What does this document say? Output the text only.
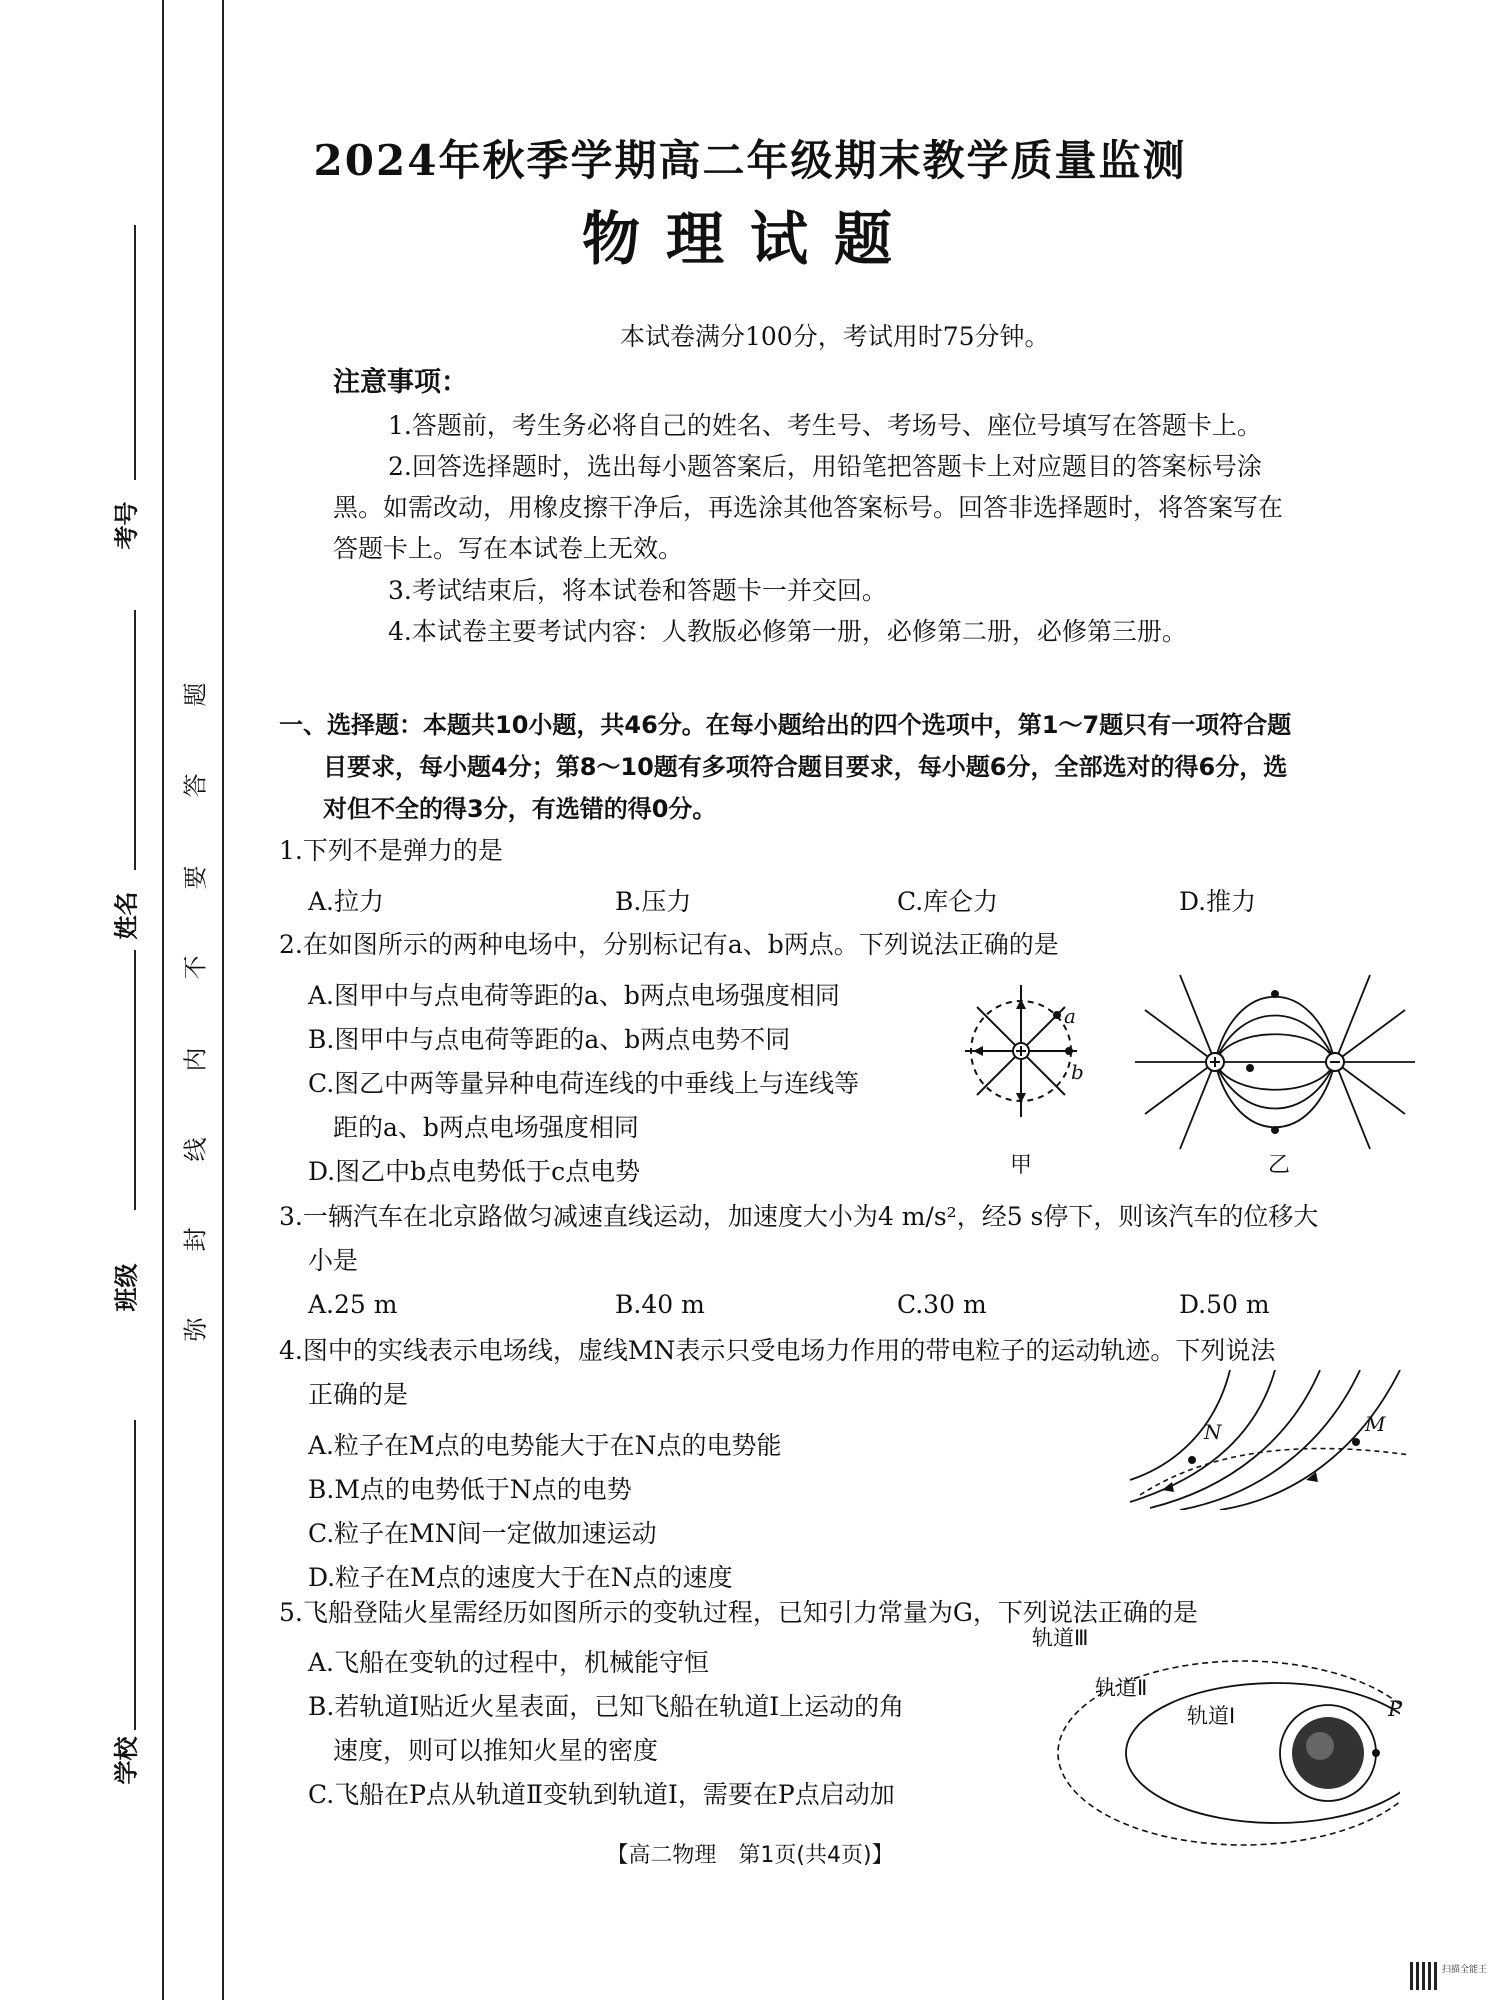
考号
姓名
班级
学校
题
答
要
不
内
线
封
弥
2024年秋季学期高二年级期末教学质量监测
物理试题
本试卷满分100分，考试用时75分钟。
注意事项：
1.答题前，考生务必将自己的姓名、考生号、考场号、座位号填写在答题卡上。
2.回答选择题时，选出每小题答案后，用铅笔把答题卡上对应题目的答案标号涂
黑。如需改动，用橡皮擦干净后，再选涂其他答案标号。回答非选择题时，将答案写在
答题卡上。写在本试卷上无效。
3.考试结束后，将本试卷和答题卡一并交回。
4.本试卷主要考试内容：人教版必修第一册，必修第二册，必修第三册。
一、选择题：本题共10小题，共46分。在每小题给出的四个选项中，第1～7题只有一项符合题
目要求，每小题4分；第8～10题有多项符合题目要求，每小题6分，全部选对的得6分，选
对但不全的得3分，有选错的得0分。
1.下列不是弹力的是
A.拉力	B.压力	C.库仑力	D.推力
2.在如图所示的两种电场中，分别标记有a、b两点。下列说法正确的是
A.图甲中与点电荷等距的a、b两点电场强度相同
B.图甲中与点电荷等距的a、b两点电势不同
C.图乙中两等量异种电荷连线的中垂线上与连线等
距的a、b两点电场强度相同
D.图乙中b点电势低于c点电势
a
b
甲	乙
3.一辆汽车在北京路做匀减速直线运动，加速度大小为4 m/s²，经5 s停下，则该汽车的位移大
小是
A.25 m	B.40 m	C.30 m	D.50 m
4.图中的实线表示电场线，虚线MN表示只受电场力作用的带电粒子的运动轨迹。下列说法
正确的是
A.粒子在M点的电势能大于在N点的电势能
B.M点的电势低于N点的电势
C.粒子在MN间一定做加速运动
D.粒子在M点的速度大于在N点的速度
N	M
5.飞船登陆火星需经历如图所示的变轨过程，已知引力常量为G，下列说法正确的是
A.飞船在变轨的过程中，机械能守恒
B.若轨道Ⅰ贴近火星表面，已知飞船在轨道Ⅰ上运动的角
速度，则可以推知火星的密度
C.飞船在P点从轨道Ⅱ变轨到轨道Ⅰ，需要在P点启动加
轨道Ⅲ
轨道Ⅱ
轨道Ⅰ	P
【高二物理　第1页(共4页)】
扫描全能王
